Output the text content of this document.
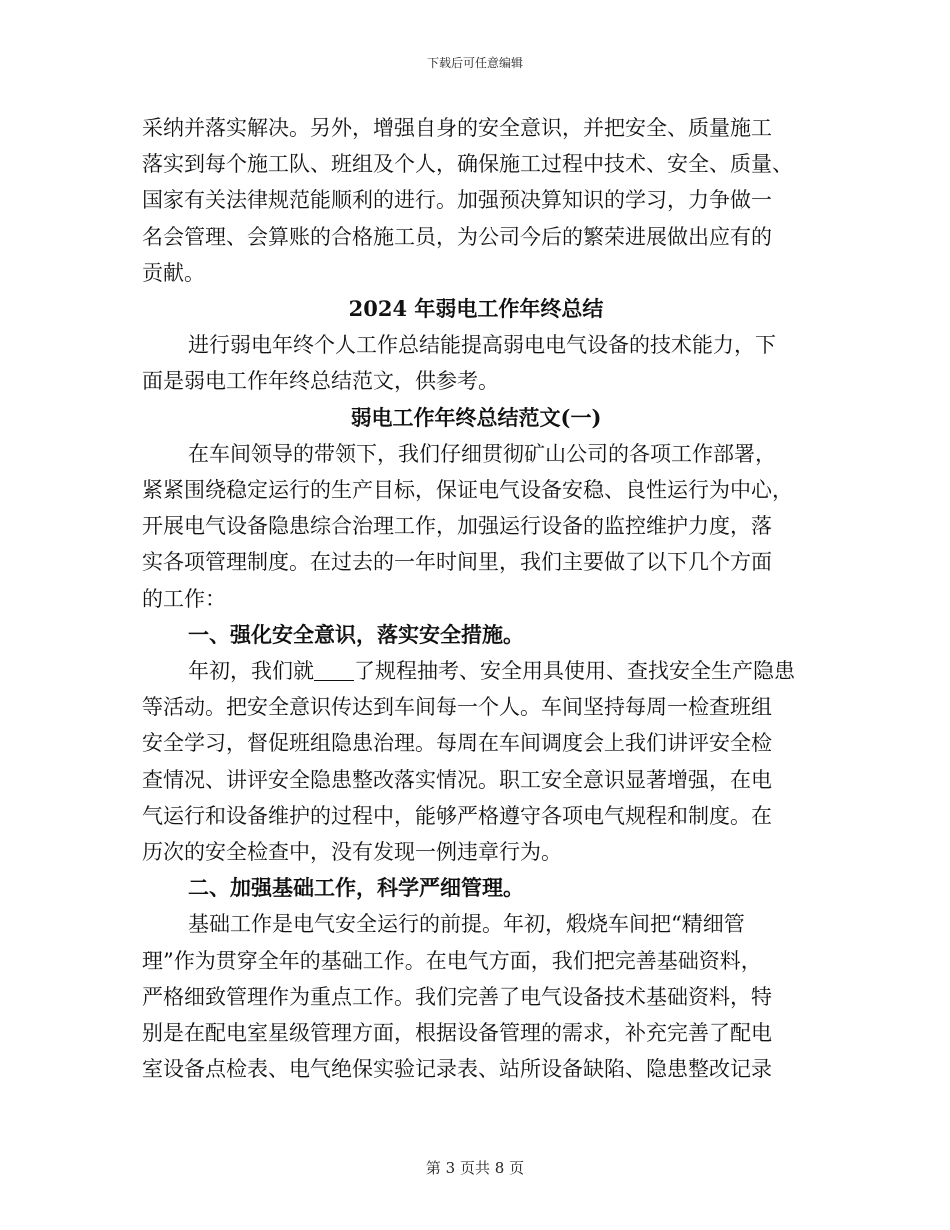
下载后可任意编辑
采纳并落实解决。另外，增强自身的安全意识，并把安全、质量施工
落实到每个施工队、班组及个人，确保施工过程中技术、安全、质量、
国家有关法律规范能顺利的进行。加强预决算知识的学习，力争做一
名会管理、会算账的合格施工员，为公司今后的繁荣进展做出应有的
贡献。
2024 年弱电工作年终总结
进行弱电年终个人工作总结能提高弱电电气设备的技术能力，下
面是弱电工作年终总结范文，供参考。
弱电工作年终总结范文(一)
在车间领导的带领下，我们仔细贯彻矿山公司的各项工作部署，
紧紧围绕稳定运行的生产目标，保证电气设备安稳、良性运行为中心，
开展电气设备隐患综合治理工作，加强运行设备的监控维护力度，落
实各项管理制度。在过去的一年时间里，我们主要做了以下几个方面
的工作：
一、强化安全意识，落实安全措施。
年初，我们就 了规程抽考、安全用具使用、查找安全生产隐患
等活动。把安全意识传达到车间每一个人。车间坚持每周一检查班组
安全学习，督促班组隐患治理。每周在车间调度会上我们讲评安全检
查情况、讲评安全隐患整改落实情况。职工安全意识显著增强，在电
气运行和设备维护的过程中，能够严格遵守各项电气规程和制度。在
历次的安全检查中，没有发现一例违章行为。
二、加强基础工作，科学严细管理。
基础工作是电气安全运行的前提。年初，煅烧车间把“精细管
理”作为贯穿全年的基础工作。在电气方面，我们把完善基础资料，
严格细致管理作为重点工作。我们完善了电气设备技术基础资料，特
别是在配电室星级管理方面，根据设备管理的需求，补充完善了配电
室设备点检表、电气绝保实验记录表、站所设备缺陷、隐患整改记录
第 3 页共 8 页
